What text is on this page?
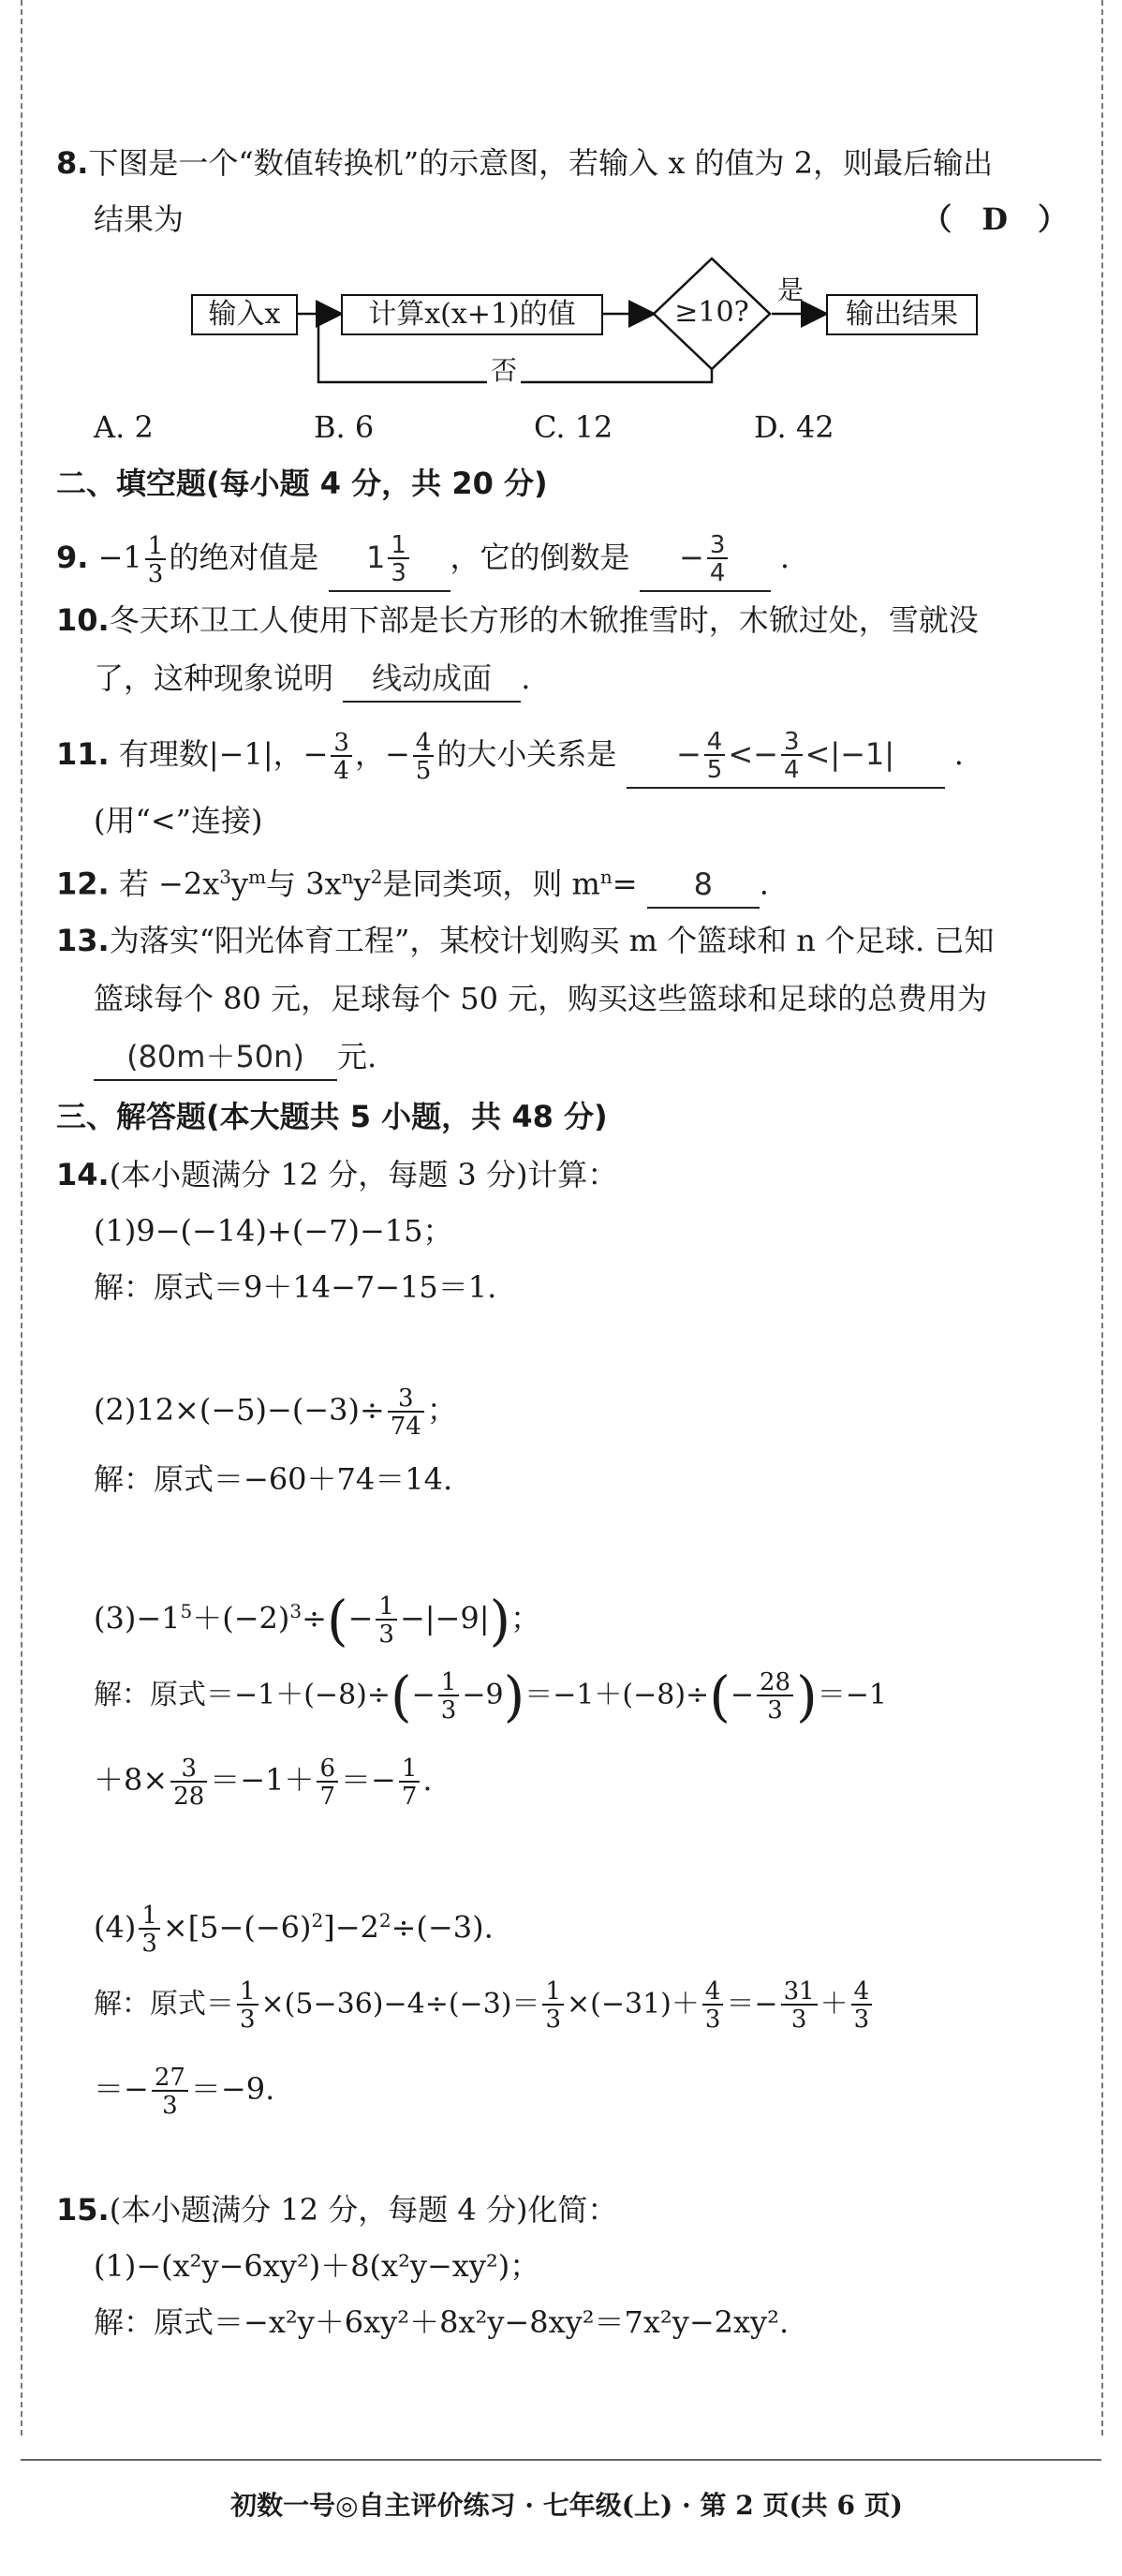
8.下图是一个“数值转换机”的示意图，若输入 x 的值为 2，则最后输出
结果为	（　D　）
输入x	计算x(x+1)的值	≥10?
是
输出结果
否
A. 2	B. 6	C. 12	D. 42
二、填空题(每小题 4 分，共 20 分)
9. $-1 \frac{1}{3}$ 的绝对值是 $1 \frac{1}{3}$ ，它的倒数是 − $\frac{3}{4}$ .
10.冬天环卫工人使用下部是长方形的木锨推雪时，木锨过处，雪就没
了，这种现象说明 线动成面 .
11. 有理数|−1|，− $\frac{3}{4}$ ，− $\frac{4}{5}$ 的大小关系是 − $\frac{4}{5} <- \frac{3}{4} <|-1|$ .
(用“<”连接)
12. 若 $-2x^3y^m$与 $3x^ny^2$是同类项，则 $m^n= 8$ .
13.为落实“阳光体育工程”，某校计划购买 m 个篮球和 n 个足球. 已知
篮球每个 80 元，足球每个 50 元，购买这些篮球和足球的总费用为
(80m＋50n) 元.
三、解答题(本大题共 5 小题，共 48 分)
14.(本小题满分 12 分，每题 3 分)计算：
(1)9−(−14)+(−7)−15；
解：原式＝9＋14−7−15＝1.
$(2)12\times(-5)-(-3)\div \frac{3}{74}$ ；
解：原式＝−60＋74＝14.
$(3)-1^5+(-2)^3\div(- \frac{1}{3} -|-9|)$；
解：原式$=-1+(-8)\div(- \frac{1}{3} -9)=-1+(-8)\div(- \frac{28}{3} )=-1$
$+8\times \frac{3}{28} =-1+ \frac{6}{7} =- \frac{1}{7}$ .
$(4) \frac{1}{3} \times[5-(-6)^2]-2^2\div(-3)$.
解：原式＝ $\frac{1}{3} \times(5-36)-4\div(-3)= \frac{1}{3} \times(-31)+ \frac{4}{3} =- \frac{31}{3} + \frac{4}{3}$
＝− $\frac{27}{3} =-9$.
15.(本小题满分 12 分，每题 4 分)化简：
(1)−(x²y−6xy²)＋8(x²y−xy²)；
解：原式＝−x²y＋6xy²＋8x²y−8xy²＝7x²y−2xy².
初数一号◎自主评价练习 · 七年级(上) · 第 2 页(共 6 页)
